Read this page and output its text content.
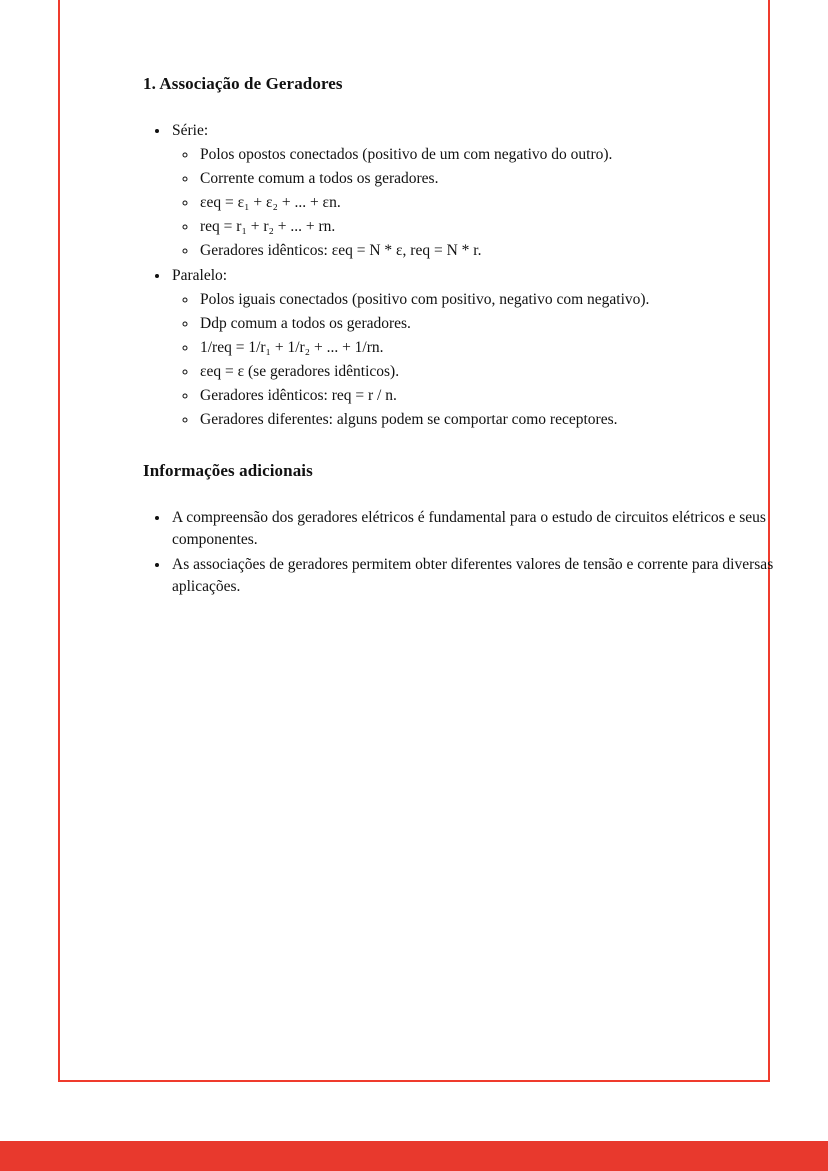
1. Associação de Geradores
• Série:
◦ Polos opostos conectados (positivo de um com negativo do outro).
◦ Corrente comum a todos os geradores.
◦ εeq = ε₁ + ε₂ + ... + εn.
◦ req = r₁ + r₂ + ... + rn.
◦ Geradores idênticos: εeq = N * ε, req = N * r.
• Paralelo:
◦ Polos iguais conectados (positivo com positivo, negativo com negativo).
◦ Ddp comum a todos os geradores.
◦ 1/req = 1/r₁ + 1/r₂ + ... + 1/rn.
◦ εeq = ε (se geradores idênticos).
◦ Geradores idênticos: req = r / n.
◦ Geradores diferentes: alguns podem se comportar como receptores.
Informações adicionais
• A compreensão dos geradores elétricos é fundamental para o estudo de circuitos elétricos e seus componentes.
• As associações de geradores permitem obter diferentes valores de tensão e corrente para diversas aplicações.
